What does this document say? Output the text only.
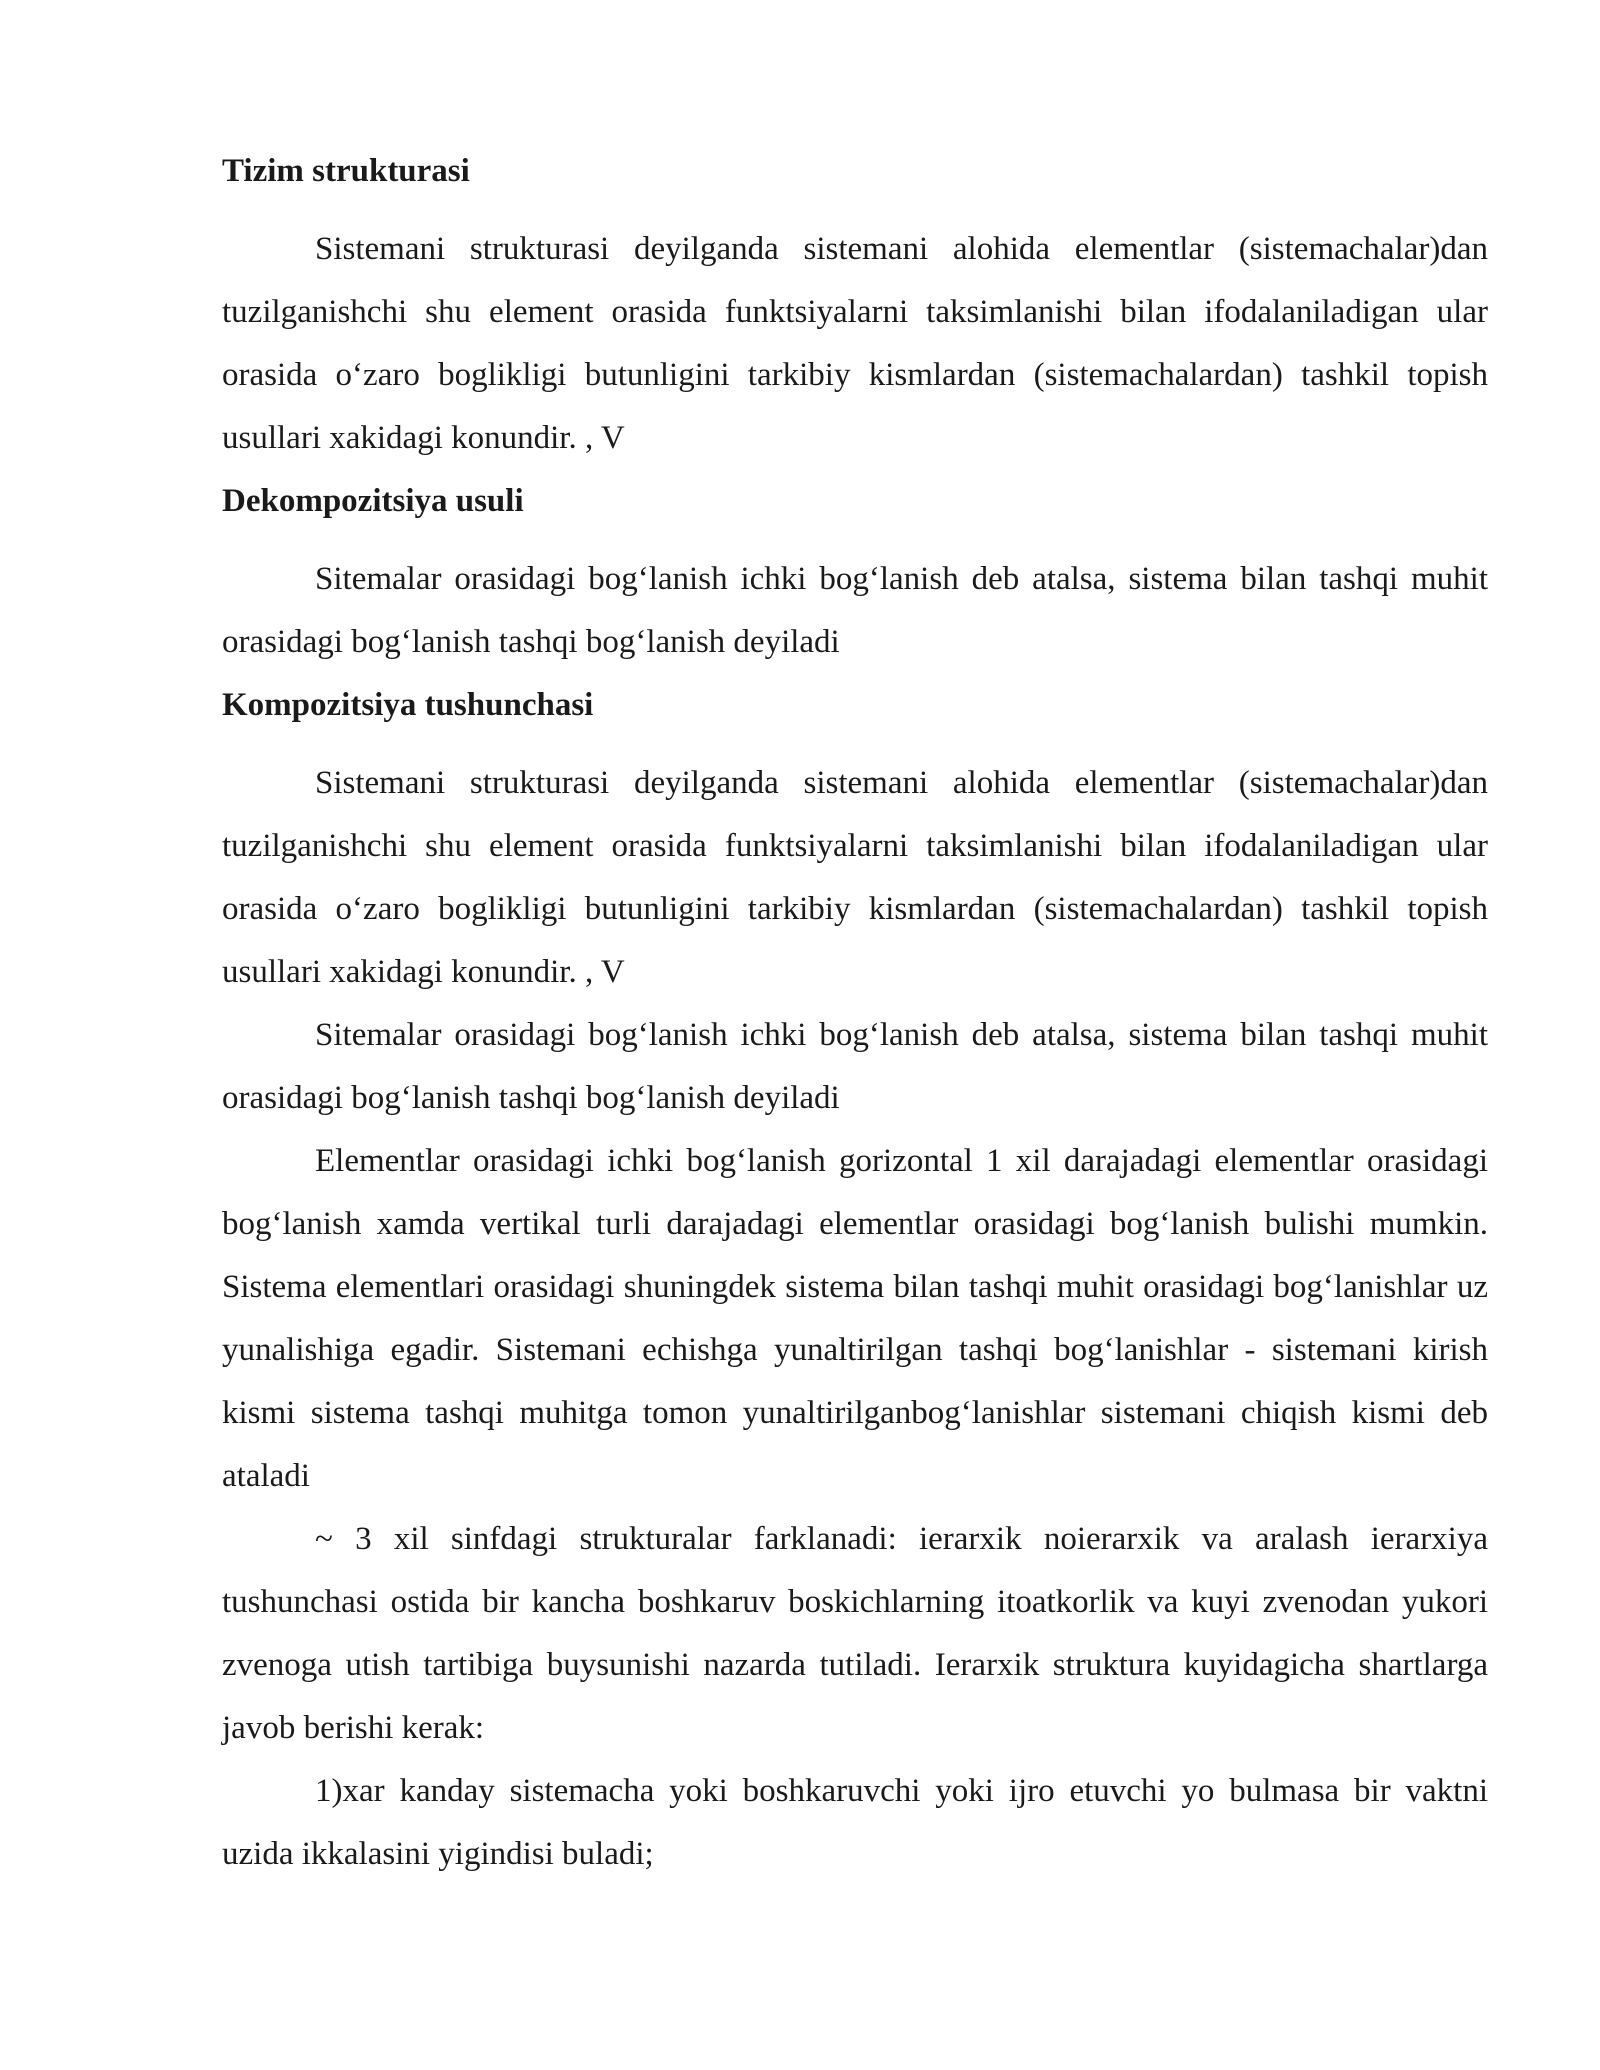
Tizim strukturasi

Sistemani strukturasi deyilganda sistemani alohida elementlar (sistemachalar)dan tuzilganishchi shu element orasida funktsiyalarni taksimlanishi bilan ifodalaniladigan ular orasida o‘zaro boglikligi butunligini tarkibiy kismlardan (sistemachalardan) tashkil topish usullari xakidagi konundir. , V

Dekompozitsiya usuli

Sitemalar orasidagi bog‘lanish ichki bog‘lanish deb atalsa, sistema bilan tashqi muhit orasidagi bog‘lanish tashqi bog‘lanish deyiladi

Kompozitsiya tushunchasi

Sistemani strukturasi deyilganda sistemani alohida elementlar (sistemachalar)dan tuzilganishchi shu element orasida funktsiyalarni taksimlanishi bilan ifodalaniladigan ular orasida o‘zaro boglikligi butunligini tarkibiy kismlardan (sistemachalardan) tashkil topish usullari xakidagi konundir. , V

Sitemalar orasidagi bog‘lanish ichki bog‘lanish deb atalsa, sistema bilan tashqi muhit orasidagi bog‘lanish tashqi bog‘lanish deyiladi

Elementlar orasidagi ichki bog‘lanish gorizontal 1 xil darajadagi elementlar orasidagi bog‘lanish xamda vertikal turli darajadagi elementlar orasidagi bog‘lanish bulishi mumkin. Sistema elementlari orasidagi shuningdek sistema bilan tashqi muhit orasidagi bog‘lanishlar uz yunalishiga egadir. Sistemani echishga yunaltirilgan tashqi bog‘lanishlar - sistemani kirish kismi sistema tashqi muhitga tomon yunaltirilganbog‘lanishlar sistemani chiqish kismi deb ataladi

~ 3 xil sinfdagi strukturalar farklanadi: ierarxik noierarxik va aralash ierarxiya tushunchasi ostida bir kancha boshkaruv boskichlarning itoatkorlik va kuyi zvenodan yukori zvenoga utish tartibiga buysunishi nazarda tutiladi. Ierarxik struktura kuyidagicha shartlarga javob berishi kerak:

1)xar kanday sistemacha yoki boshkaruvchi yoki ijro etuvchi yo bulmasa bir vaktni uzida ikkalasini yigindisi buladi;
